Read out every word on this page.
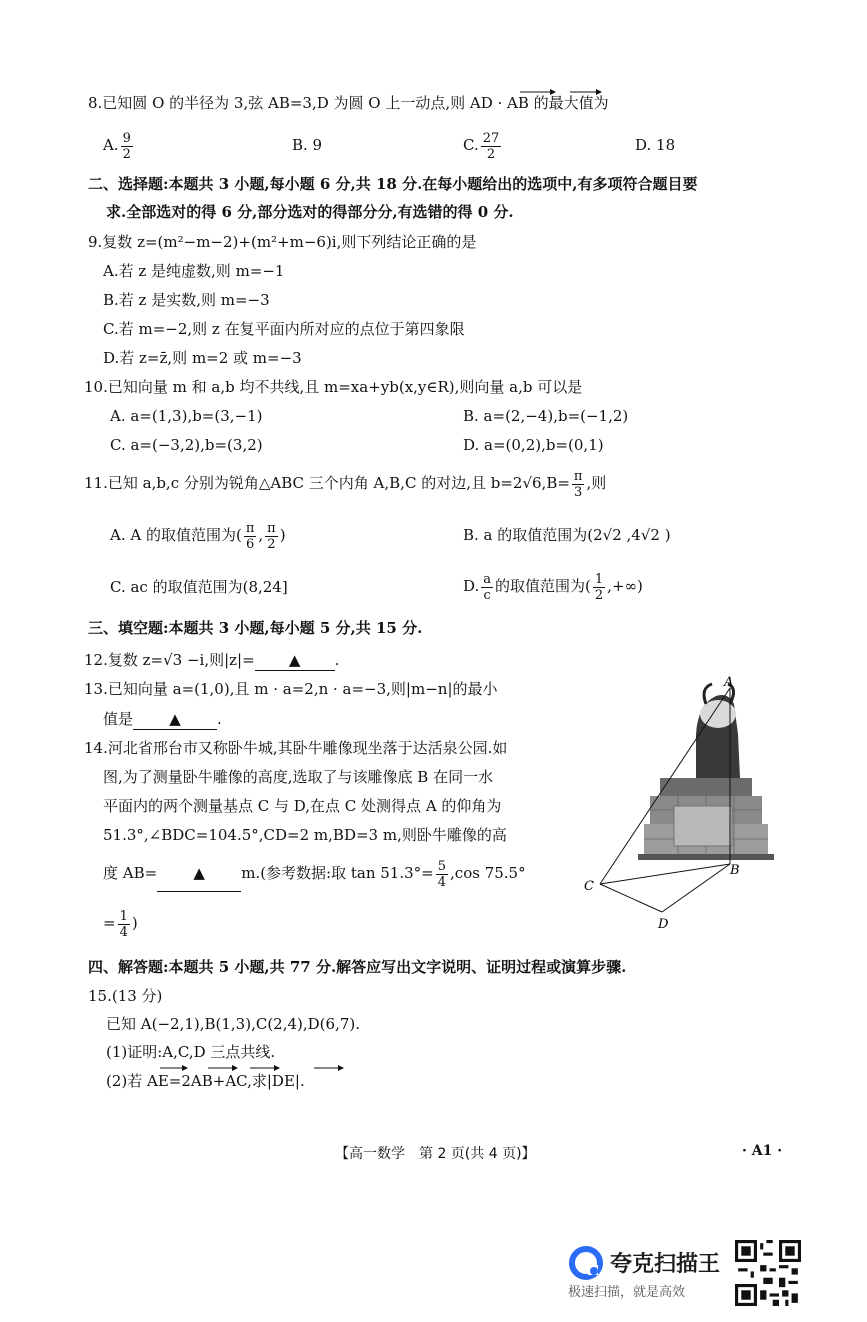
8.已知圆 O 的半径为 3,弦 AB=3,D 为圆 O 上一动点,则 AD · AB 的最大值为
A. $\frac{9}{2}$	B. 9	C. $\frac{27}{2}$	D. 18
二、选择题:本题共 3 小题,每小题 6 分,共 18 分.在每小题给出的选项中,有多项符合题目要
求.全部选对的得 6 分,部分选对的得部分分,有选错的得 0 分.
9.复数 z=(m²−m−2)+(m²+m−6)i,则下列结论正确的是
A.若 z 是纯虚数,则 m=−1
B.若 z 是实数,则 m=−3
C.若 m=−2,则 z 在复平面内所对应的点位于第四象限
D.若 z=z̄,则 m=2 或 m=−3
10.已知向量 m 和 a,b 均不共线,且 m=xa+yb(x,y∈R),则向量 a,b 可以是
A. a=(1,3),b=(3,−1)	B. a=(2,−4),b=(−1,2)
C. a=(−3,2),b=(3,2)	D. a=(0,2),b=(0,1)
11.已知 a,b,c 分别为锐角△ABC 三个内角 A,B,C 的对边,且 $b=2√6,B= \frac{\pi}{3}$ ,则
A. A 的取值范围为( $\frac{\pi}{6}$ , $\frac{\pi}{2}$ )	B. a 的取值范围为(2√2 ,4√2 )
C. ac 的取值范围为(8,24]	D. $\frac{a}{c}$ 的取值范围为( $\frac{1}{2}$ ,+∞)
三、填空题:本题共 3 小题,每小题 5 分,共 15 分.
12.复数 z=√3 −i,则|z|= ▲ .
13.已知向量 a=(1,0),且 m · a=2,n · a=−3,则|m−n|的最小
值是 ▲ .
14.河北省邢台市又称卧牛城,其卧牛雕像现坐落于达活泉公园.如
图,为了测量卧牛雕像的高度,选取了与该雕像底 B 在同一水
平面内的两个测量基点 C 与 D,在点 C 处测得点 A 的仰角为
51.3°,∠BDC=104.5°,CD=2 m,BD=3 m,则卧牛雕像的高
度 AB= ▲ m.(参考数据:取 $\tan 51.3^\circ= \frac{5}{4} ,\cos$ 75.5°
= $\frac{1}{4}$ )
A
B
C
D
四、解答题:本题共 5 小题,共 77 分.解答应写出文字说明、证明过程或演算步骤.
15.(13 分)
已知 A(−2,1),B(1,3),C(2,4),D(6,7).
(1)证明:A,C,D 三点共线.
(2)若 AE=2AB+AC,求|DE|.
【高一数学　第 2 页(共 4 页)】	· A1 ·
夸克扫描王
极速扫描，就是高效
